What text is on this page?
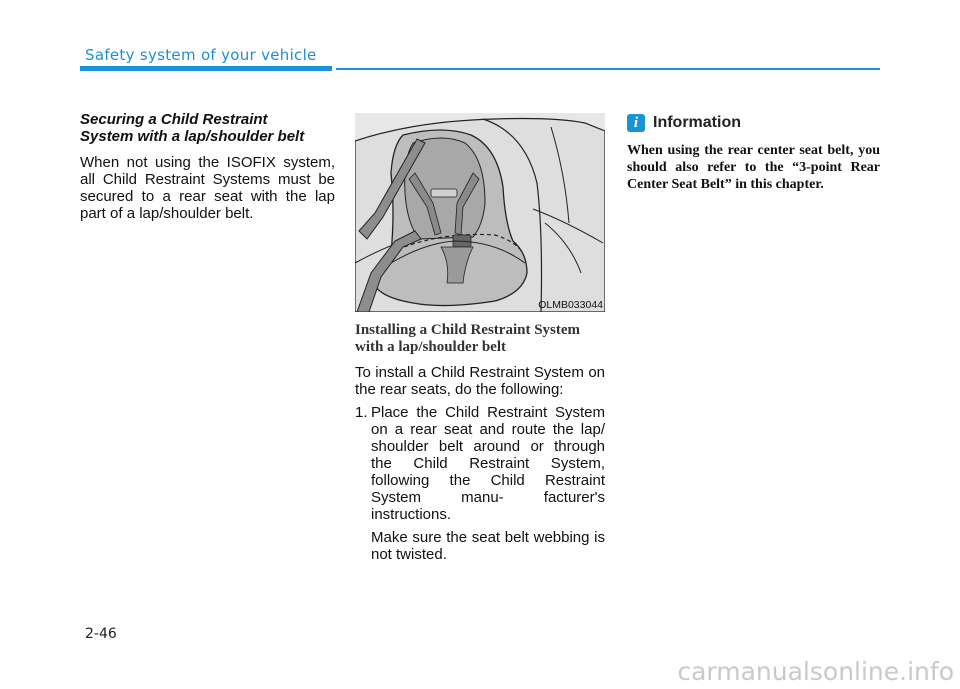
Safety system of your vehicle
Securing a Child Restraint
System with a lap/shoulder belt

When not using the ISOFIX system, all Child Restraint Systems must be secured to a rear seat with the lap part of a lap/shoulder belt.

OLMB033044
Installing a Child Restraint System
with a lap/shoulder belt

To install a Child Restraint System on the rear seats, do the following:

1. Place the Child Restraint System on a rear seat and route the lap/ shoulder belt around or through the Child Restraint System, following the Child Restraint System manu- facturer's instructions.

Make sure the seat belt webbing is not twisted.

i Information

When using the rear center seat belt, you should also refer to the “3-point Rear Center Seat Belt” in this chapter.

2-46
carmanualsonline.info
